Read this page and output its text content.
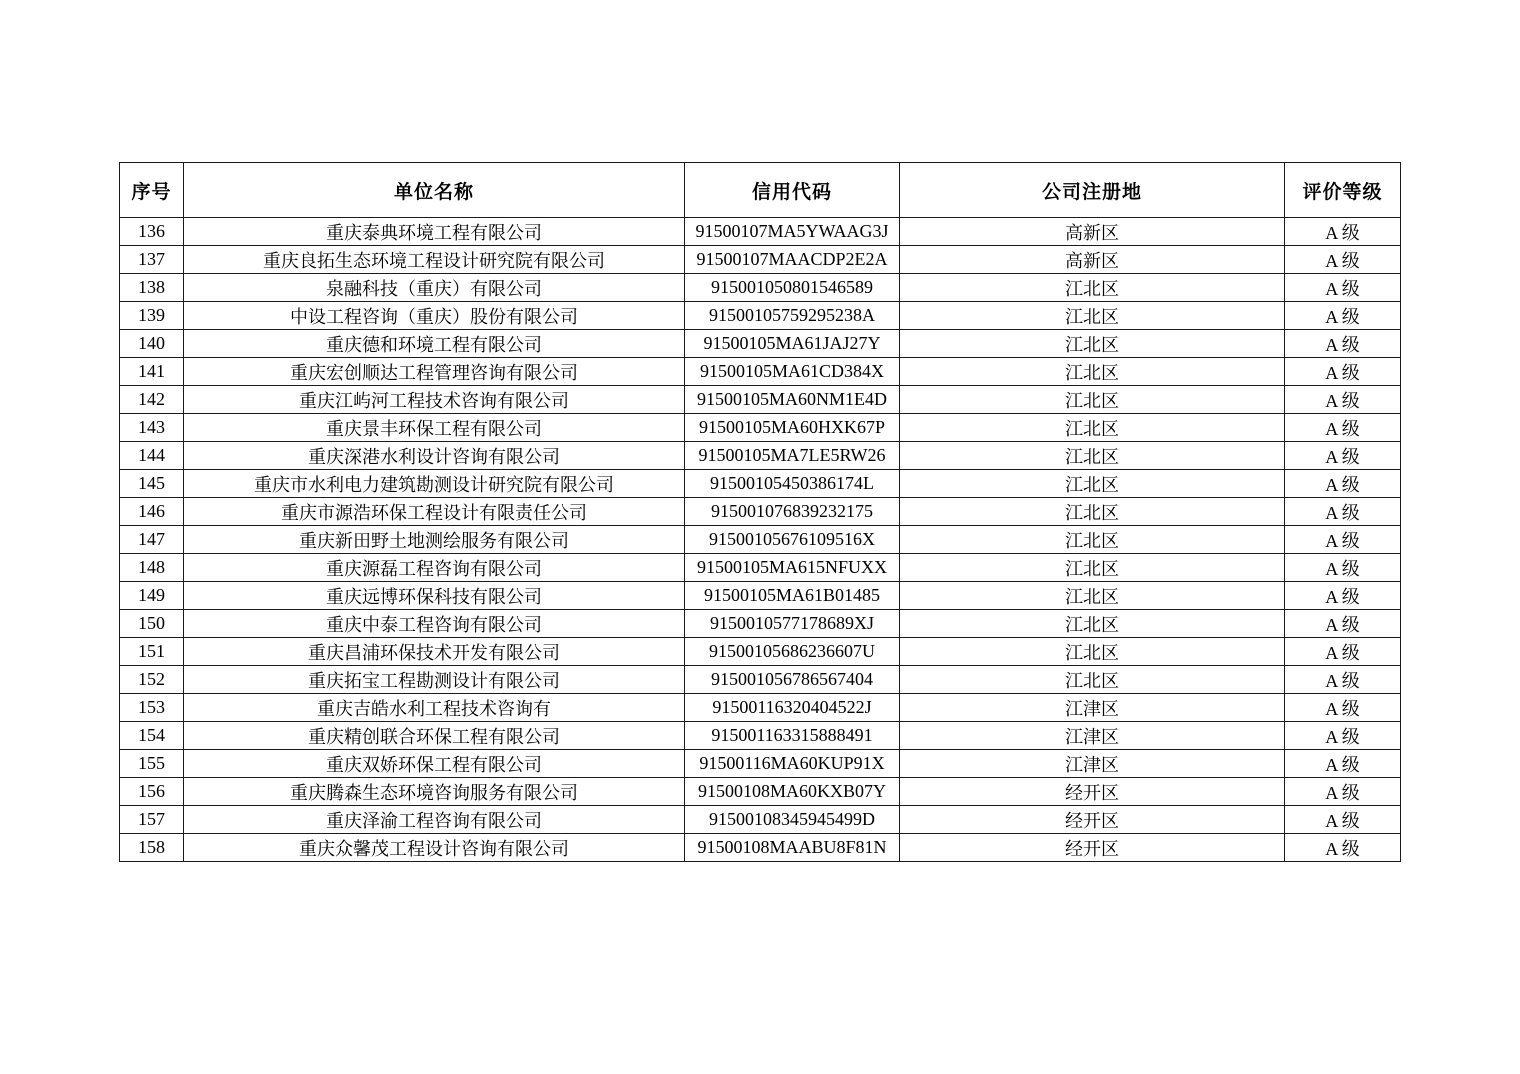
序号	单位名称	信用代码	公司注册地	评价等级
136	重庆泰典环境工程有限公司	91500107MA5YWAAG3J	高新区	A 级
137	重庆良拓生态环境工程设计研究院有限公司	91500107MAACDP2E2A	高新区	A 级
138	泉融科技（重庆）有限公司	915001050801546589	江北区	A 级
139	中设工程咨询（重庆）股份有限公司	91500105759295238A	江北区	A 级
140	重庆德和环境工程有限公司	91500105MA61JAJ27Y	江北区	A 级
141	重庆宏创顺达工程管理咨询有限公司	91500105MA61CD384X	江北区	A 级
142	重庆江屿河工程技术咨询有限公司	91500105MA60NM1E4D	江北区	A 级
143	重庆景丰环保工程有限公司	91500105MA60HXK67P	江北区	A 级
144	重庆深港水利设计咨询有限公司	91500105MA7LE5RW26	江北区	A 级
145	重庆市水利电力建筑勘测设计研究院有限公司	91500105450386174L	江北区	A 级
146	重庆市源浩环保工程设计有限责任公司	915001076839232175	江北区	A 级
147	重庆新田野土地测绘服务有限公司	91500105676109516X	江北区	A 级
148	重庆源磊工程咨询有限公司	91500105MA615NFUXX	江北区	A 级
149	重庆远博环保科技有限公司	91500105MA61B01485	江北区	A 级
150	重庆中泰工程咨询有限公司	9150010577178689XJ	江北区	A 级
151	重庆昌浦环保技术开发有限公司	91500105686236607U	江北区	A 级
152	重庆拓宝工程勘测设计有限公司	915001056786567404	江北区	A 级
153	重庆吉皓水利工程技术咨询有	91500116320404522J	江津区	A 级
154	重庆精创联合环保工程有限公司	915001163315888491	江津区	A 级
155	重庆双娇环保工程有限公司	91500116MA60KUP91X	江津区	A 级
156	重庆腾森生态环境咨询服务有限公司	91500108MA60KXB07Y	经开区	A 级
157	重庆泽渝工程咨询有限公司	91500108345945499D	经开区	A 级
158	重庆众馨茂工程设计咨询有限公司	91500108MAABU8F81N	经开区	A 级
